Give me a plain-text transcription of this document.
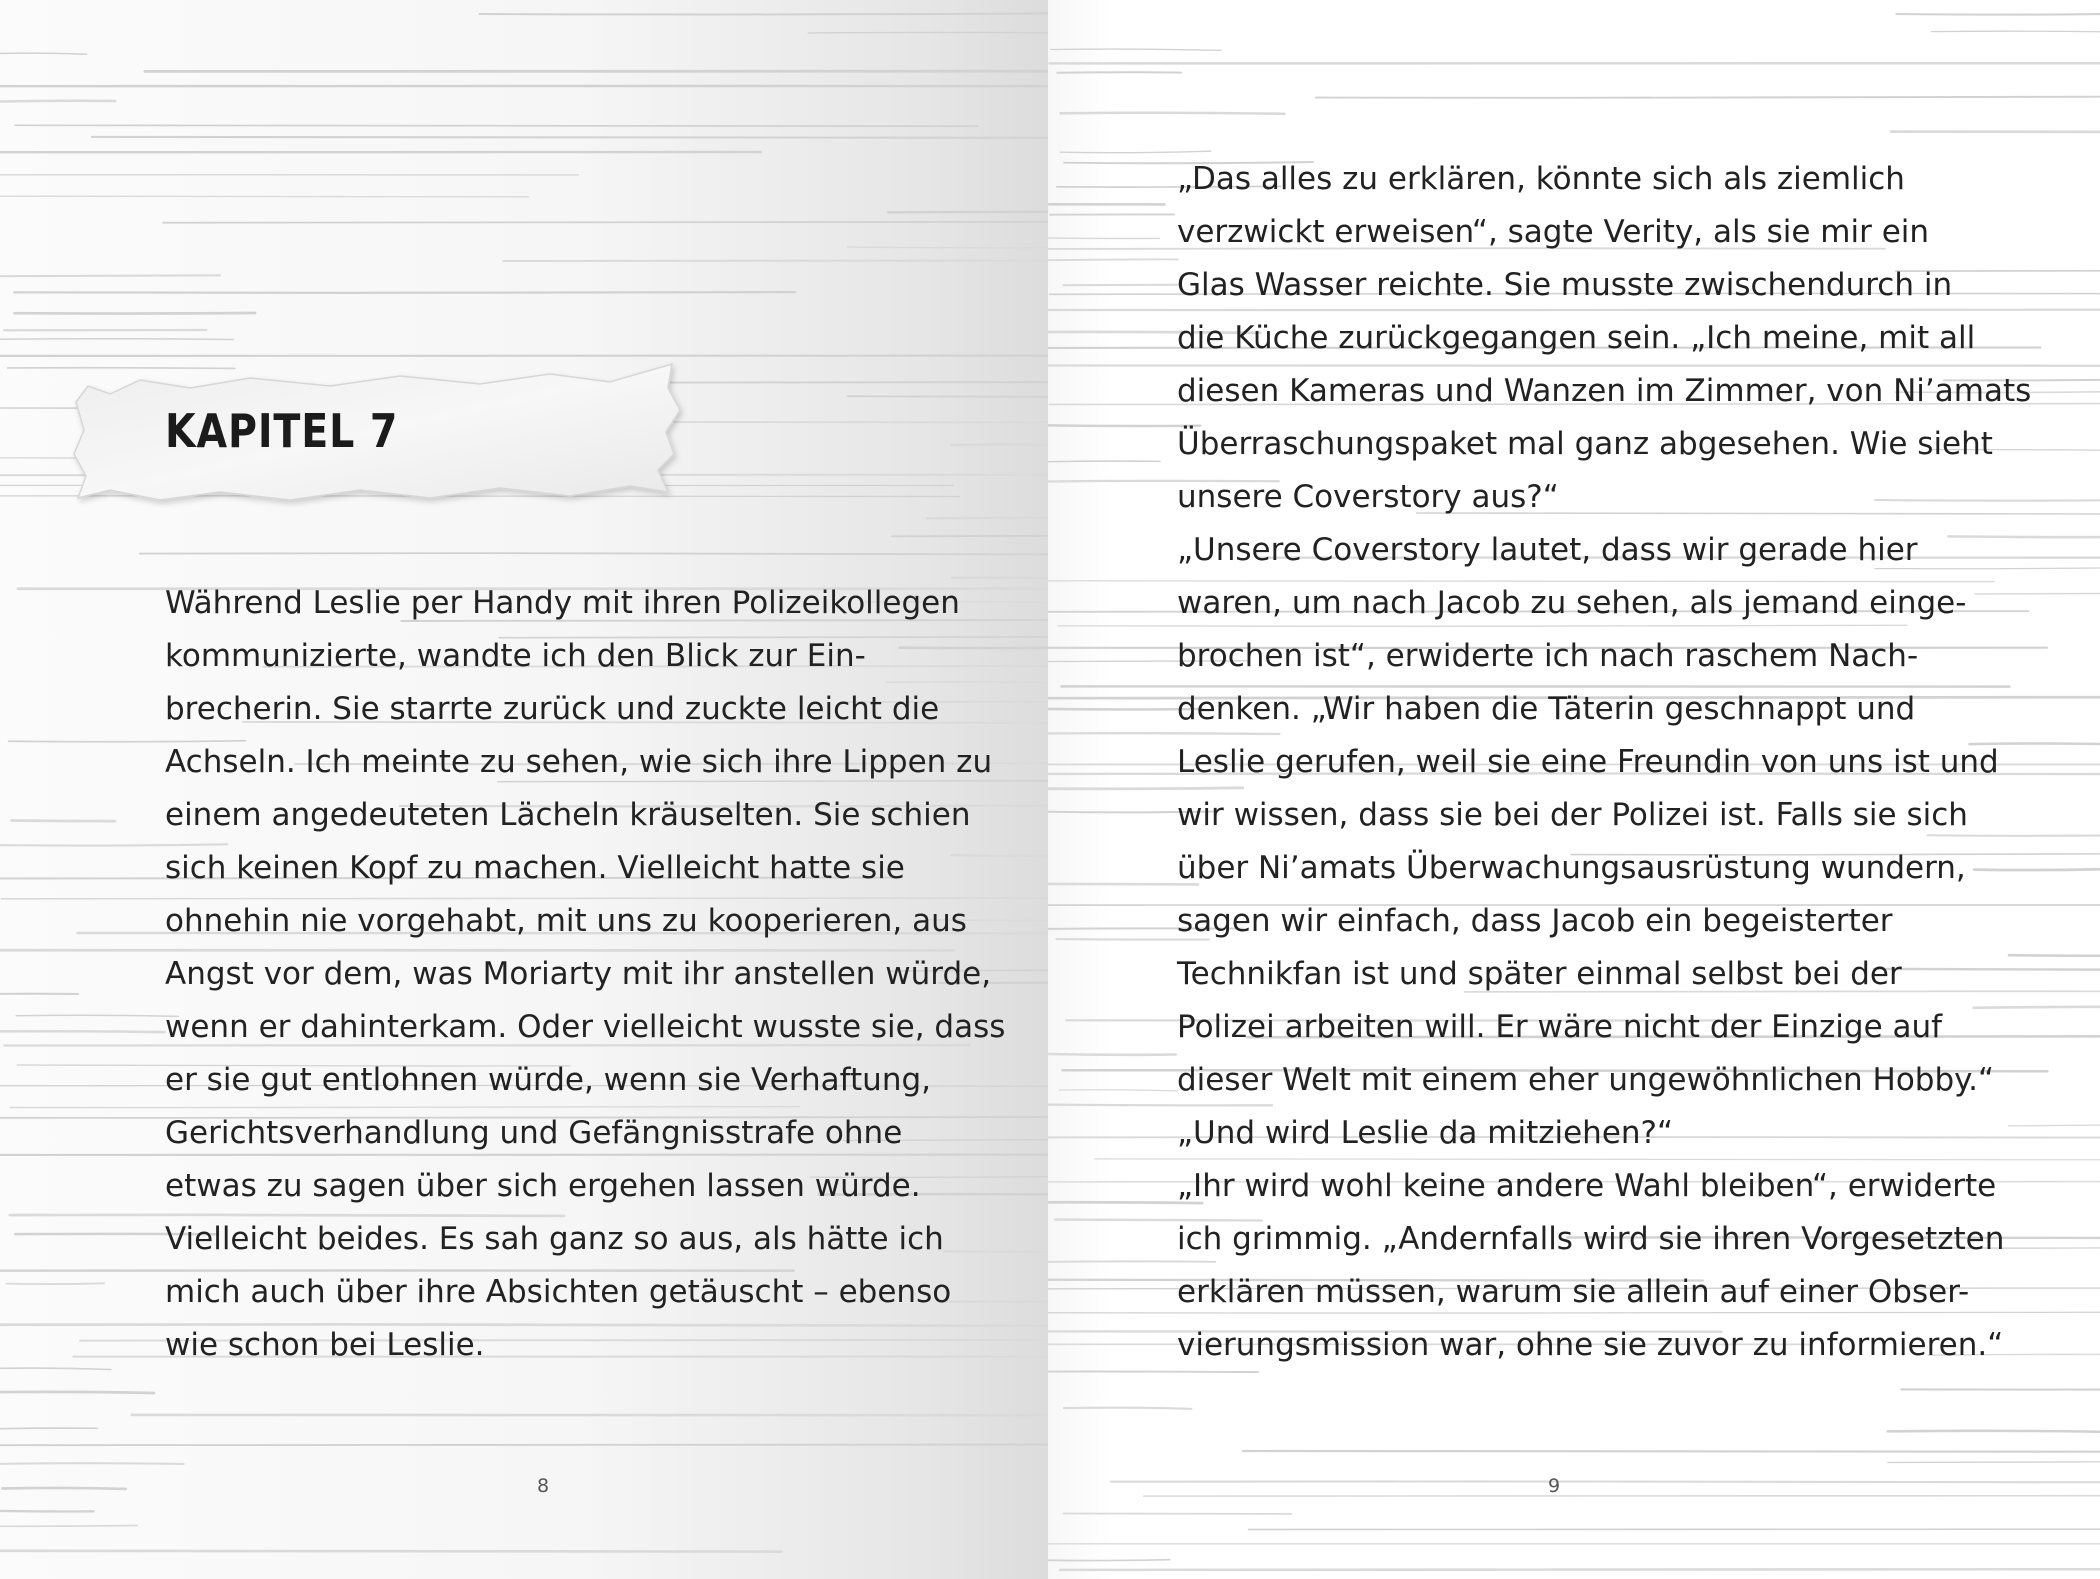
KAPITEL 7
Während Leslie per Handy mit ihren Polizeikollegen
kommunizierte, wandte ich den Blick zur Ein-
brecherin. Sie starrte zurück und zuckte leicht die
Achseln. Ich meinte zu sehen, wie sich ihre Lippen zu
einem angedeuteten Lächeln kräuselten. Sie schien
sich keinen Kopf zu machen. Vielleicht hatte sie
ohnehin nie vorgehabt, mit uns zu kooperieren, aus
Angst vor dem, was Moriarty mit ihr anstellen würde,
wenn er dahinterkam. Oder vielleicht wusste sie, dass
er sie gut entlohnen würde, wenn sie Verhaftung,
Gerichtsverhandlung und Gefängnisstrafe ohne
etwas zu sagen über sich ergehen lassen würde.
Vielleicht beides. Es sah ganz so aus, als hätte ich
mich auch über ihre Absichten getäuscht – ebenso
wie schon bei Leslie.
8
„Das alles zu erklären, könnte sich als ziemlich
verzwickt erweisen“, sagte Verity, als sie mir ein
Glas Wasser reichte. Sie musste zwischendurch in
die Küche zurückgegangen sein. „Ich meine, mit all
diesen Kameras und Wanzen im Zimmer, von Ni’amats
Überraschungspaket mal ganz abgesehen. Wie sieht
unsere Coverstory aus?“
„Unsere Coverstory lautet, dass wir gerade hier
waren, um nach Jacob zu sehen, als jemand einge-
brochen ist“, erwiderte ich nach raschem Nach-
denken. „Wir haben die Täterin geschnappt und
Leslie gerufen, weil sie eine Freundin von uns ist und
wir wissen, dass sie bei der Polizei ist. Falls sie sich
über Ni’amats Überwachungsausrüstung wundern,
sagen wir einfach, dass Jacob ein begeisterter
Technikfan ist und später einmal selbst bei der
Polizei arbeiten will. Er wäre nicht der Einzige auf
dieser Welt mit einem eher ungewöhnlichen Hobby.“
„Und wird Leslie da mitziehen?“
„Ihr wird wohl keine andere Wahl bleiben“, erwiderte
ich grimmig. „Andernfalls wird sie ihren Vorgesetzten
erklären müssen, warum sie allein auf einer Obser-
vierungsmission war, ohne sie zuvor zu informieren.“
9
